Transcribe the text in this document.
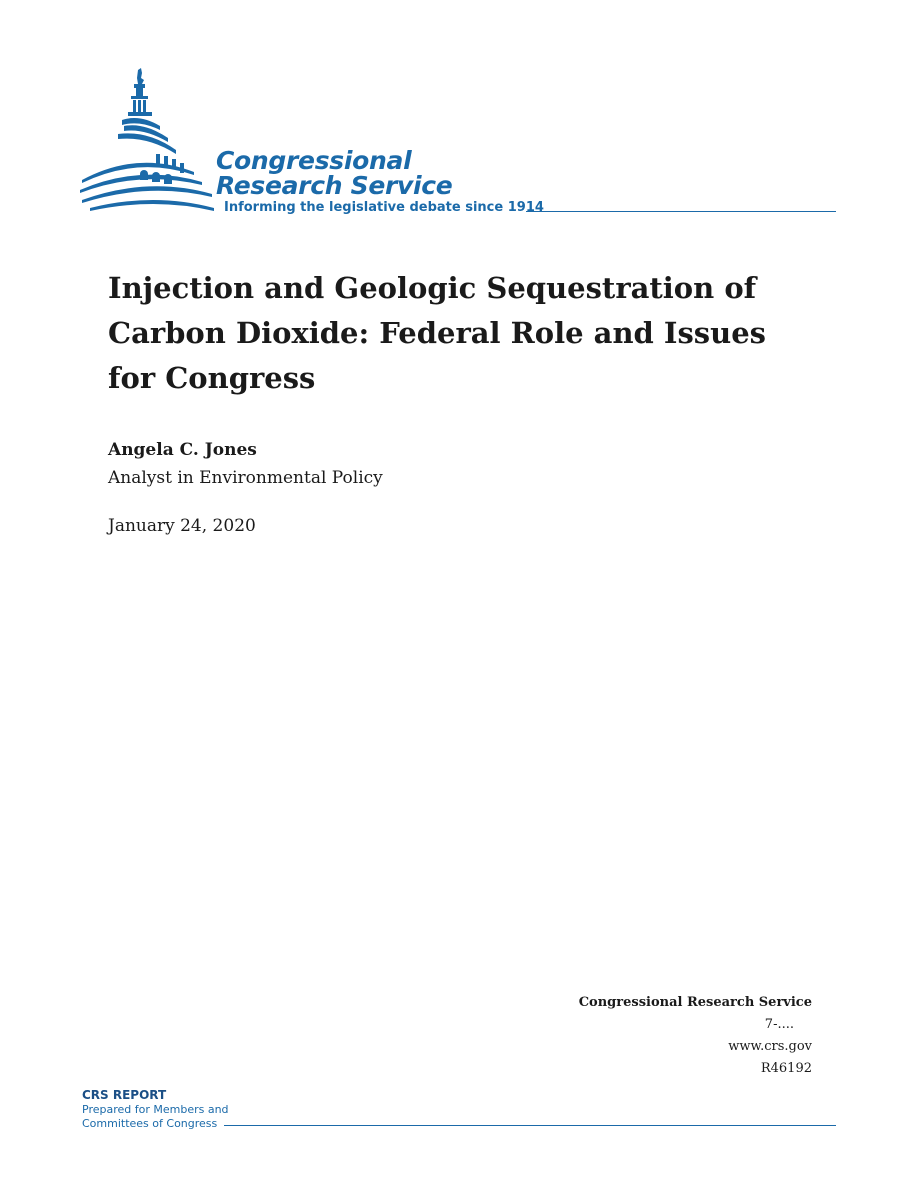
Congressional
Research Service
Informing the legislative debate since 1914
Injection and Geologic Sequestration of Carbon Dioxide: Federal Role and Issues for Congress

Angela C. Jones

Analyst in Environmental Policy

January 24, 2020

Congressional Research Service
7-....
www.crs.gov
R46192
CRS REPORT
Prepared for Members and
Committees of Congress
